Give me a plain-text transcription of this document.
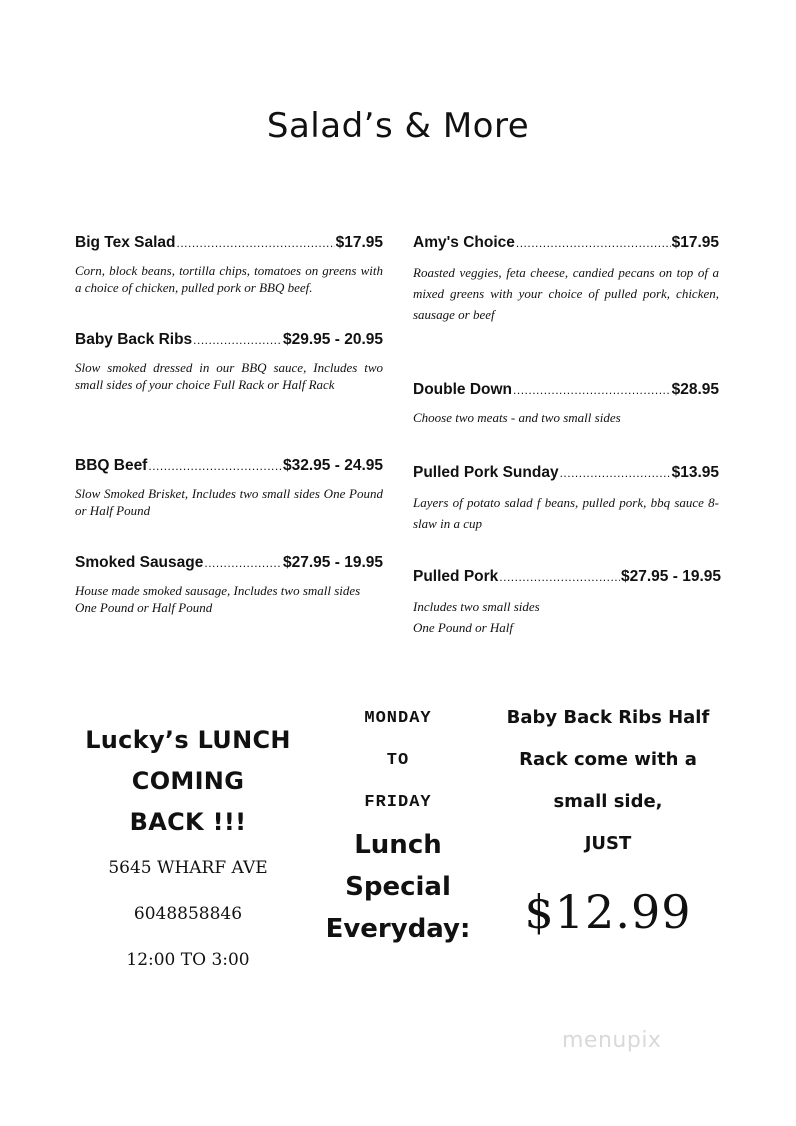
Salad’s & More
Big Tex Salad .....	$17.95
Corn, block beans, tortilla chips, tomatoes on greens with a choice of chicken, pulled pork or BBQ beef.
Baby Back Ribs .....	$29.95 - 20.95
Slow smoked dressed in our BBQ sauce, Includes two small sides of your choice Full Rack or Half Rack
BBQ Beef .....	$32.95 - 24.95
Slow Smoked Brisket, Includes two small sides One Pound or Half Pound
Smoked Sausage .....	$27.95 - 19.95
House made smoked sausage, Includes two small sides
One Pound or Half Pound
Amy's Choice .....	$17.95
Roasted veggies, feta cheese, candied pecans on top of a mixed greens with your choice of pulled pork, chicken, sausage or beef
Double Down .....	$28.95
Choose two meats - and two small sides
Pulled Pork Sunday .....	$13.95
Layers of potato salad f beans, pulled pork, bbq sauce 8-slaw in a cup
Pulled Pork .....	$27.95 - 19.95
Includes two small sides
One Pound or Half
Lucky’s LUNCH
COMING
BACK !!!
5645 WHARF AVE
6048858846
12:00 TO 3:00
MONDAY
TO
FRIDAY
Lunch
Special
Everyday:
Baby Back Ribs Half
Rack come with a
small side,
JUST
$12.99
menupix
